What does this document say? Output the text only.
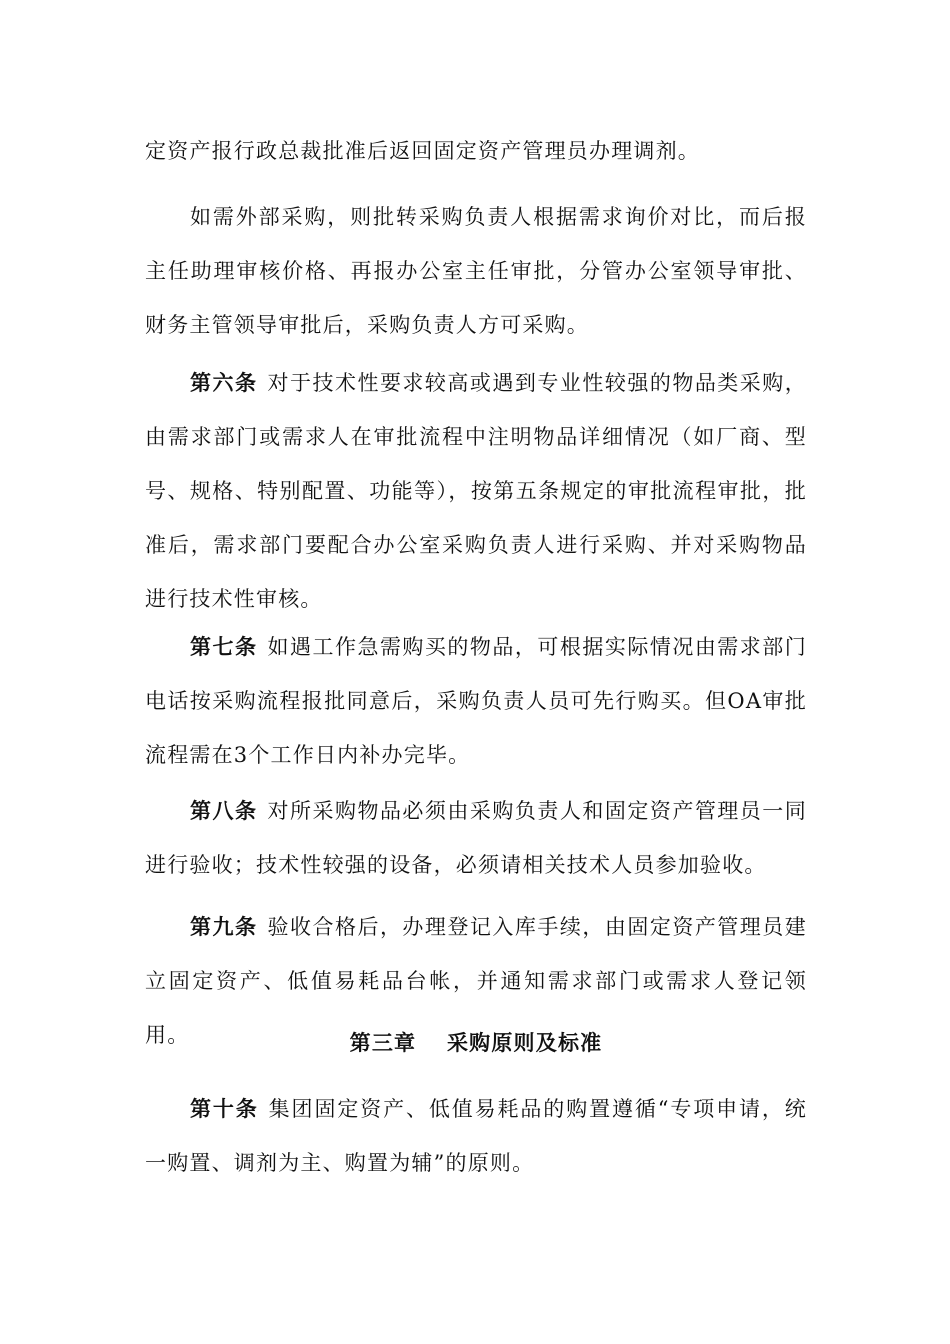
定资产报行政总裁批准后返回固定资产管理员办理调剂。

如需外部采购，则批转采购负责人根据需求询价对比，而后报主任助理审核价格、再报办公室主任审批，分管办公室领导审批、财务主管领导审批后，采购负责人方可采购。

第六条 对于技术性要求较高或遇到专业性较强的物品类采购，由需求部门或需求人在审批流程中注明物品详细情况（如厂商、型号、规格、特别配置、功能等），按第五条规定的审批流程审批，批准后，需求部门要配合办公室采购负责人进行采购、并对采购物品进行技术性审核。

第七条 如遇工作急需购买的物品，可根据实际情况由需求部门电话按采购流程报批同意后，采购负责人员可先行购买。但OA审批流程需在3个工作日内补办完毕。

第八条 对所采购物品必须由采购负责人和固定资产管理员一同进行验收；技术性较强的设备，必须请相关技术人员参加验收。

第九条 验收合格后，办理登记入库手续，由固定资产管理员建立固定资产、低值易耗品台帐，并通知需求部门或需求人登记领用。	第三章　 采购原则及标准

第十条 集团固定资产、低值易耗品的购置遵循“专项申请，统一购置、调剂为主、购置为辅”的原则。
